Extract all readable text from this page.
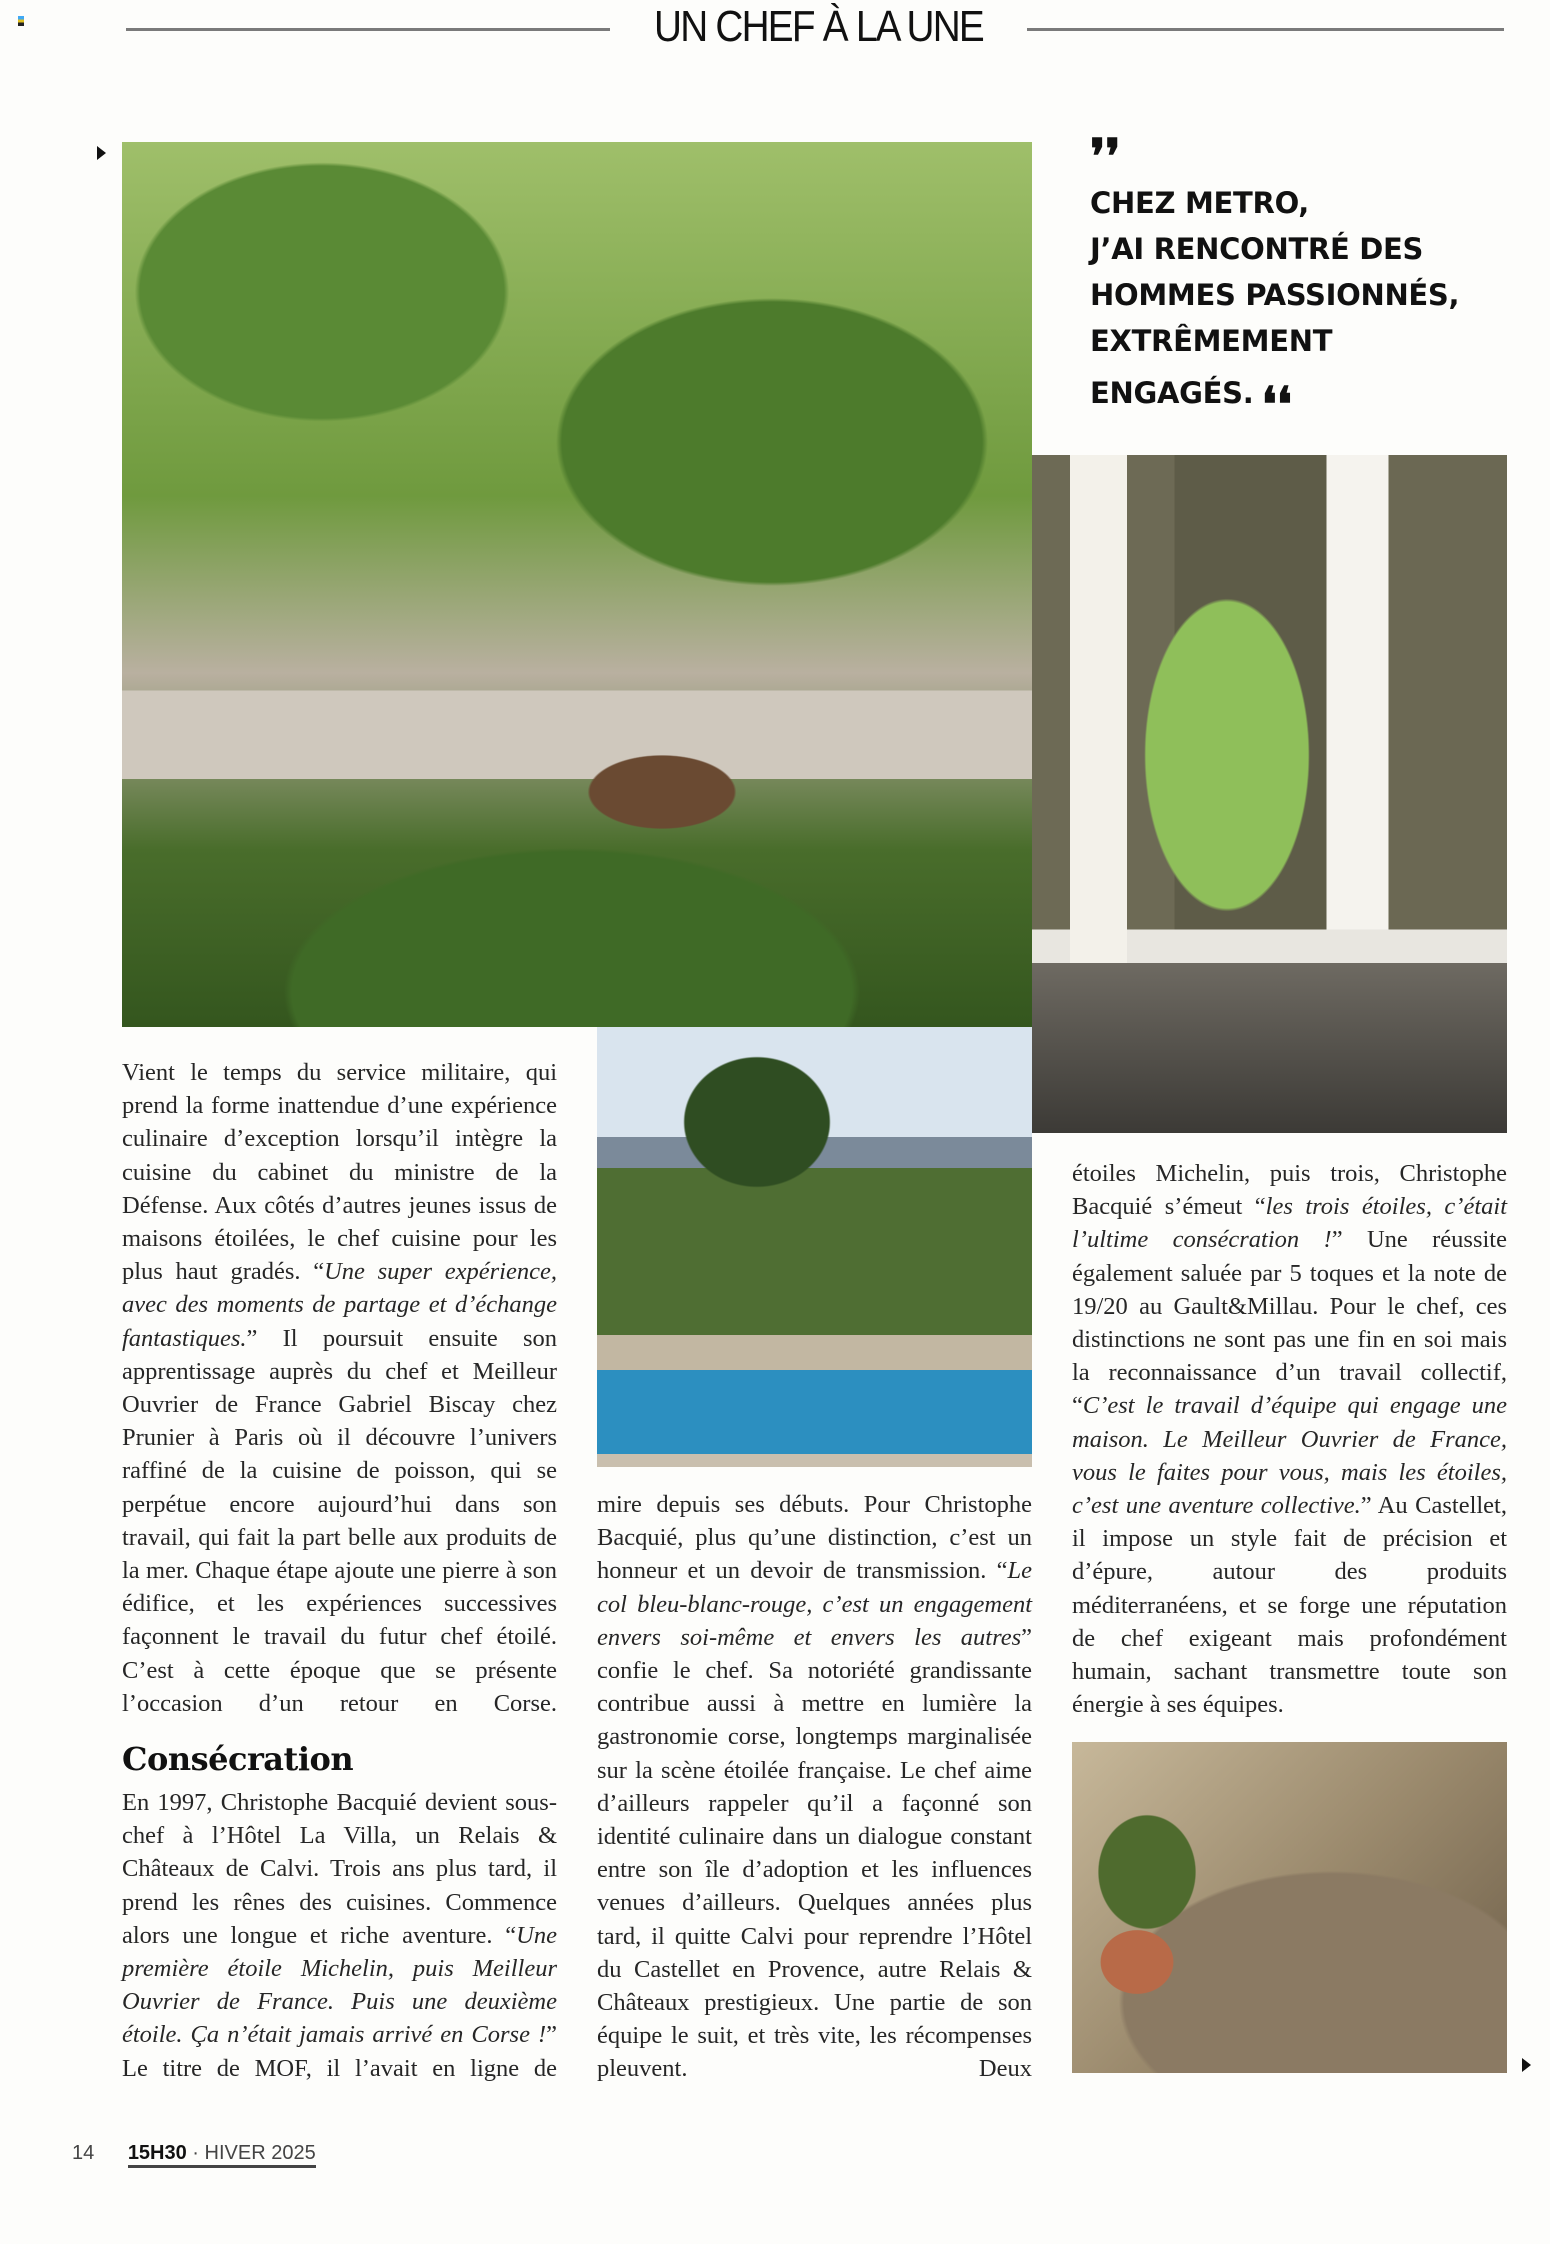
UN CHEF À LA UNE
❜❜
CHEZ METRO,
J’AI RENCONTRÉ DES
HOMMES PASSIONNÉS,
EXTRÊMEMENT
ENGAGÉS. ❛❛
Vient le temps du service militaire, qui prend la forme inattendue d’une expérience culinaire d’exception lorsqu’il intègre la cuisine du cabinet du ministre de la Défense. Aux côtés d’autres jeunes issus de maisons étoilées, le chef cuisine pour les plus haut gradés. “Une super expérience, avec des moments de partage et d’échange fantastiques.” Il poursuit ensuite son apprentissage auprès du chef et Meilleur Ouvrier de France Gabriel Biscay chez Prunier à Paris où il découvre l’univers raffiné de la cuisine de poisson, qui se perpétue encore aujourd’hui dans son travail, qui fait la part belle aux produits de la mer. Chaque étape ajoute une pierre à son édifice, et les expériences successives façonnent le travail du futur chef étoilé. C’est à cette époque que se présente l’occasion d’un retour en Corse.
Consécration
En 1997, Christophe Bacquié devient sous-chef à l’Hôtel La Villa, un Relais & Châteaux de Calvi. Trois ans plus tard, il prend les rênes des cuisines. Commence alors une longue et riche aventure. “Une première étoile Michelin, puis Meilleur Ouvrier de France. Puis une deuxième étoile. Ça n’était jamais arrivé en Corse !” Le titre de MOF, il l’avait en ligne de
mire depuis ses débuts. Pour Christophe Bacquié, plus qu’une distinction, c’est un honneur et un devoir de transmission. “Le col bleu-blanc-rouge, c’est un engagement envers soi-même et envers les autres” confie le chef. Sa notoriété grandissante contribue aussi à mettre en lumière la gastronomie corse, longtemps marginalisée sur la scène étoilée française. Le chef aime d’ailleurs rappeler qu’il a façonné son identité culinaire dans un dialogue constant entre son île d’adoption et les influences venues d’ailleurs. Quelques années plus tard, il quitte Calvi pour reprendre l’Hôtel du Castellet en Provence, autre Relais & Châteaux prestigieux. Une partie de son équipe le suit, et très vite, les récompenses pleuvent. Deux
étoiles Michelin, puis trois, Christophe Bacquié s’émeut “les trois étoiles, c’était l’ultime consécration !” Une réussite également saluée par 5 toques et la note de 19/20 au Gault&Millau. Pour le chef, ces distinctions ne sont pas une fin en soi mais la reconnaissance d’un travail collectif, “C’est le travail d’équipe qui engage une maison. Le Meilleur Ouvrier de France, vous le faites pour vous, mais les étoiles, c’est une aventure collective.” Au Castellet, il impose un style fait de précision et d’épure, autour des produits méditerranéens, et se forge une réputation de chef exigeant mais profondément humain, sachant transmettre toute son énergie à ses équipes.
14 15H30 · HIVER 2025
